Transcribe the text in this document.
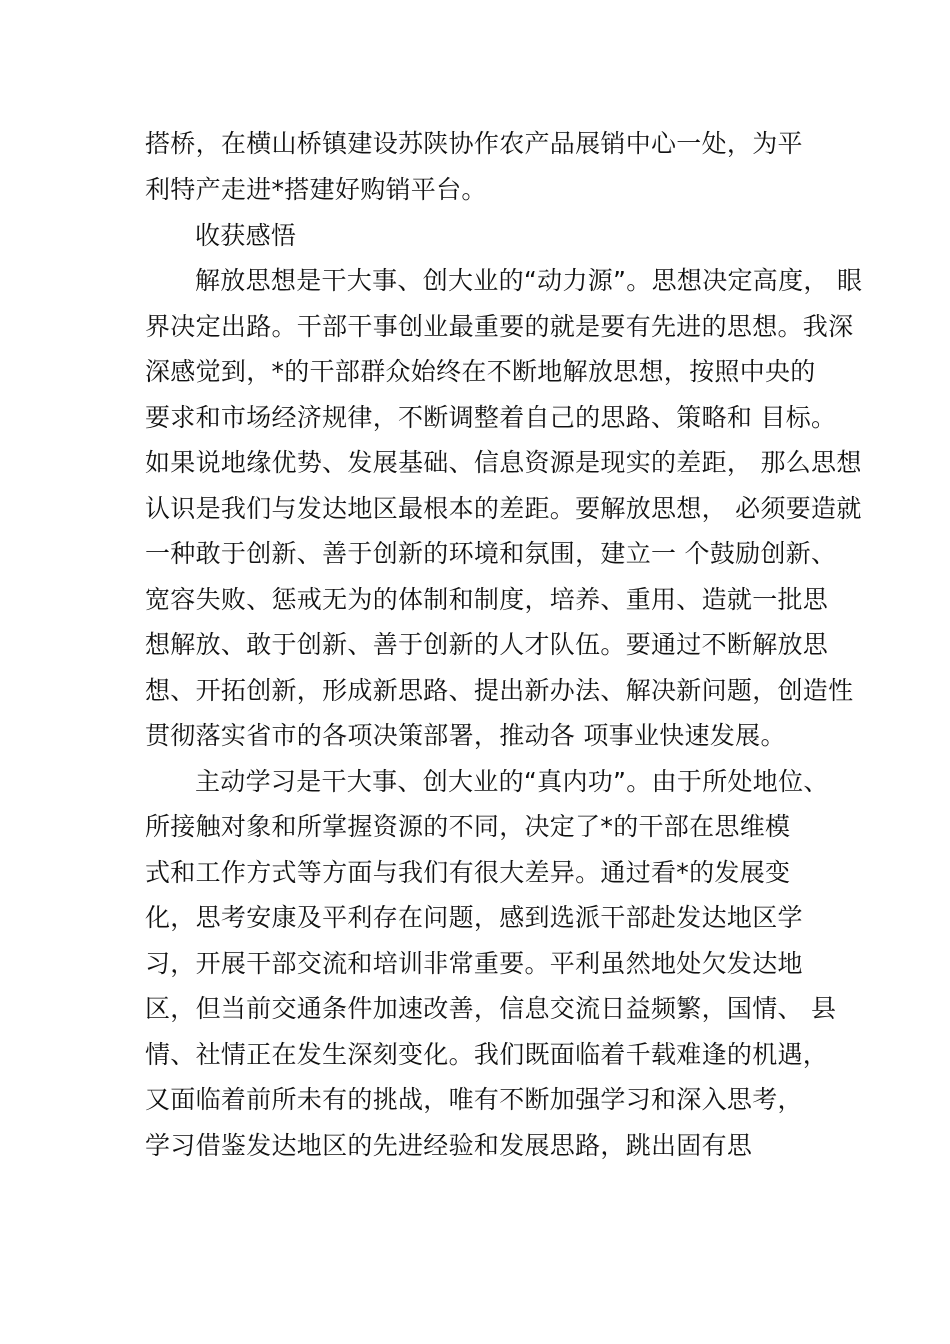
搭桥，在横山桥镇建设苏陕协作农产品展销中心一处，为平
利特产走进*搭建好购销平台。
收获感悟
解放思想是干大事、创大业的“动力源”。思想决定高度， 眼
界决定出路。干部干事创业最重要的就是要有先进的思想。我深
深感觉到，*的干部群众始终在不断地解放思想，按照中央的
要求和市场经济规律，不断调整着自己的思路、策略和 目标。
如果说地缘优势、发展基础、信息资源是现实的差距， 那么思想
认识是我们与发达地区最根本的差距。要解放思想， 必须要造就
一种敢于创新、善于创新的环境和氛围，建立一 个鼓励创新、
宽容失败、惩戒无为的体制和制度，培养、重用、造就一批思
想解放、敢于创新、善于创新的人才队伍。要通过不断解放思
想、开拓创新，形成新思路、提出新办法、解决新问题，创造性
贯彻落实省市的各项决策部署，推动各 项事业快速发展。
主动学习是干大事、创大业的“真内功”。由于所处地位、
所接触对象和所掌握资源的不同，决定了*的干部在思维模
式和工作方式等方面与我们有很大差异。通过看*的发展变
化，思考安康及平利存在问题，感到选派干部赴发达地区学
习，开展干部交流和培训非常重要。平利虽然地处欠发达地
区，但当前交通条件加速改善，信息交流日益频繁，国情、 县
情、社情正在发生深刻变化。我们既面临着千载难逢的机遇，
又面临着前所未有的挑战，唯有不断加强学习和深入思考，
学习借鉴发达地区的先进经验和发展思路，跳出固有思
